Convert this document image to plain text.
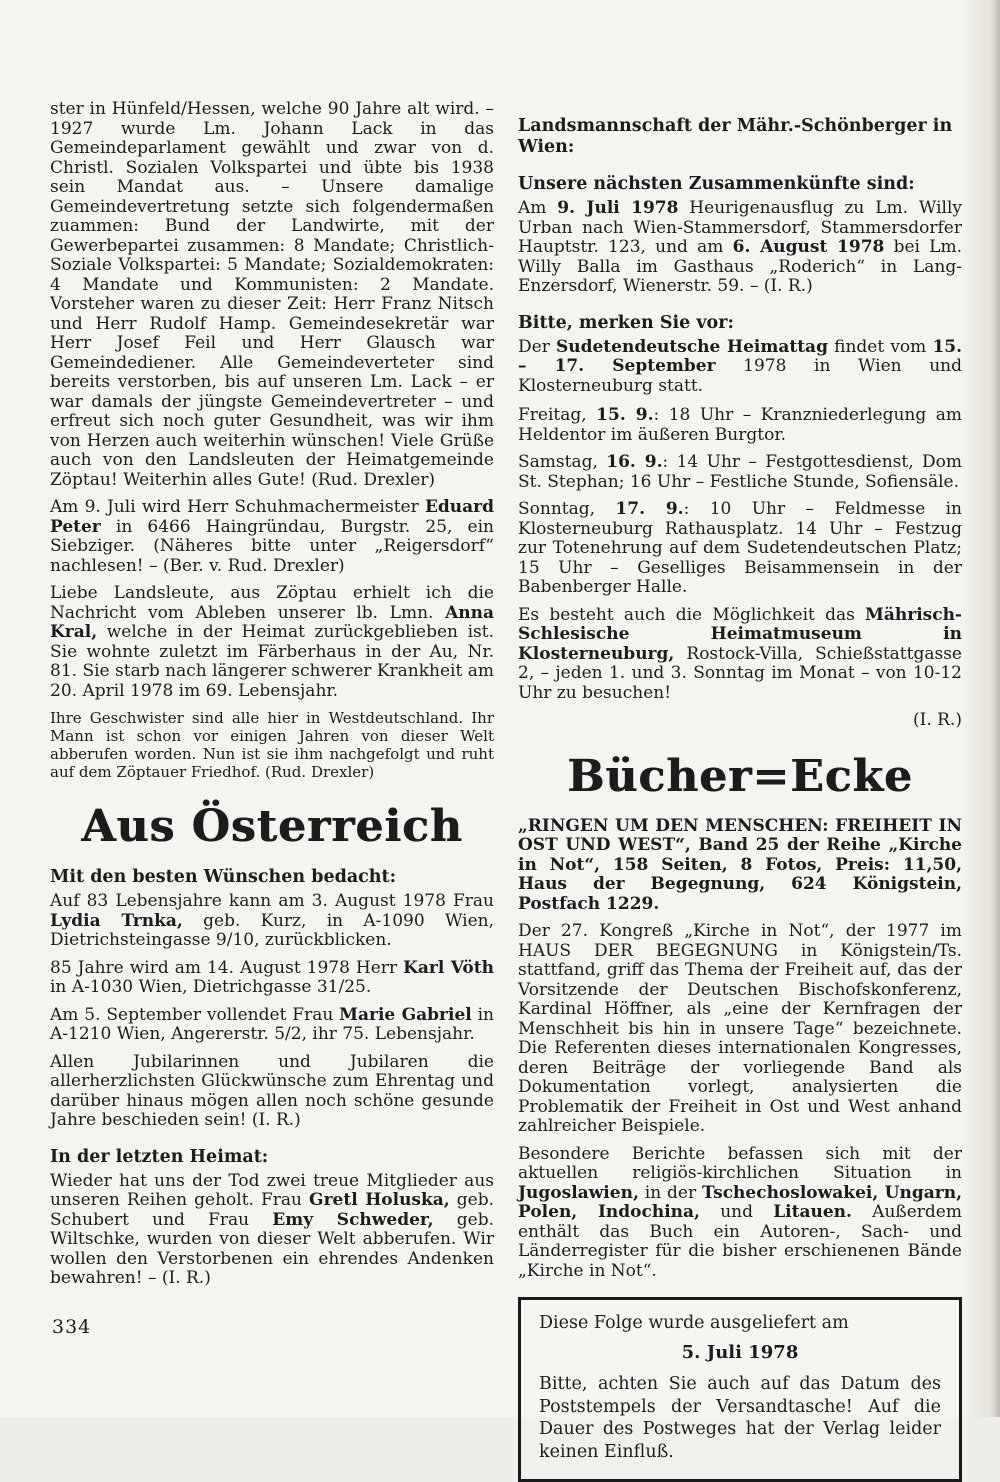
ster in Hünfeld/Hessen, welche 90 Jahre alt wird. – 1927 wurde Lm. Johann Lack in das Gemeindeparlament gewählt und zwar von d. Christl. Sozialen Volkspartei und übte bis 1938 sein Mandat aus. – Unsere damalige Gemeindevertretung setzte sich folgendermaßen zuammen: Bund der Landwirte, mit der Gewerbepartei zusammen: 8 Mandate; Christlich-Soziale Volkspartei: 5 Mandate; Sozialdemokraten: 4 Mandate und Kommunisten: 2 Mandate. Vorsteher waren zu dieser Zeit: Herr Franz Nitsch und Herr Rudolf Hamp. Gemeindesekretär war Herr Josef Feil und Herr Glausch war Gemeindediener. Alle Gemeindeverteter sind bereits verstorben, bis auf unseren Lm. Lack – er war damals der jüngste Gemeindevertreter – und erfreut sich noch guter Gesundheit, was wir ihm von Herzen auch weiterhin wünschen! Viele Grüße auch von den Landsleuten der Heimatgemeinde Zöptau! Weiterhin alles Gute! (Rud. Drexler)

Am 9. Juli wird Herr Schuhmachermeister Eduard Peter in 6466 Haingründau, Burgstr. 25, ein Siebziger. (Näheres bitte unter „Reigersdorf“ nachlesen! – (Ber. v. Rud. Drexler)

Liebe Landsleute, aus Zöptau erhielt ich die Nachricht vom Ableben unserer lb. Lmn. Anna Kral, welche in der Heimat zurückgeblieben ist. Sie wohnte zuletzt im Färberhaus in der Au, Nr. 81. Sie starb nach längerer schwerer Krankheit am 20. April 1978 im 69. Lebensjahr.

Ihre Geschwister sind alle hier in Westdeutschland. Ihr Mann ist schon vor einigen Jahren von dieser Welt abberufen worden. Nun ist sie ihm nachgefolgt und ruht auf dem Zöptauer Friedhof. (Rud. Drexler)

Aus Österreich

Mit den besten Wünschen bedacht:

Auf 83 Lebensjahre kann am 3. August 1978 Frau Lydia Trnka, geb. Kurz, in A-1090 Wien, Dietrichsteingasse 9/10, zurückblicken.

85 Jahre wird am 14. August 1978 Herr Karl Vöth in A-1030 Wien, Dietrichgasse 31/25.

Am 5. September vollendet Frau Marie Gabriel in A-1210 Wien, Angererstr. 5/2, ihr 75. Lebensjahr.

Allen Jubilarinnen und Jubilaren die allerherzlichsten Glückwünsche zum Ehrentag und darüber hinaus mögen allen noch schöne gesunde Jahre beschieden sein! (I. R.)

In der letzten Heimat:

Wieder hat uns der Tod zwei treue Mitglieder aus unseren Reihen geholt. Frau Gretl Holuska, geb. Schubert und Frau Emy Schweder, geb. Wiltschke, wurden von dieser Welt abberufen. Wir wollen den Verstorbenen ein ehrendes Andenken bewahren! – (I. R.)

Landsmannschaft der Mähr.-Schönberger in Wien:

Unsere nächsten Zusammenkünfte sind:

Am 9. Juli 1978 Heurigenausflug zu Lm. Willy Urban nach Wien-Stammersdorf, Stammersdorfer Hauptstr. 123, und am 6. August 1978 bei Lm. Willy Balla im Gasthaus „Roderich“ in Lang-Enzersdorf, Wienerstr. 59. – (I. R.)

Bitte, merken Sie vor:

Der Sudetendeutsche Heimattag findet vom 15. – 17. September 1978 in Wien und Klosterneuburg statt.

Freitag, 15. 9.: 18 Uhr – Kranzniederlegung am Heldentor im äußeren Burgtor.

Samstag, 16. 9.: 14 Uhr – Festgottesdienst, Dom St. Stephan; 16 Uhr – Festliche Stunde, Sofiensäle.

Sonntag, 17. 9.: 10 Uhr – Feldmesse in Klosterneuburg Rathausplatz. 14 Uhr – Festzug zur Totenehrung auf dem Sudetendeutschen Platz; 15 Uhr – Geselliges Beisammensein in der Babenberger Halle.

Es besteht auch die Möglichkeit das Mährisch-Schlesische Heimatmuseum in Klosterneuburg, Rostock-Villa, Schießstattgasse 2, – jeden 1. und 3. Sonntag im Monat – von 10-12 Uhr zu besuchen!

(I. R.)

Bücher=Ecke

„RINGEN UM DEN MENSCHEN: FREIHEIT IN OST UND WEST“, Band 25 der Reihe „Kirche in Not“, 158 Seiten, 8 Fotos, Preis: 11,50, Haus der Begegnung, 624 Königstein, Postfach 1229.

Der 27. Kongreß „Kirche in Not“, der 1977 im HAUS DER BEGEGNUNG in Königstein/Ts. stattfand, griff das Thema der Freiheit auf, das der Vorsitzende der Deutschen Bischofskonferenz, Kardinal Höffner, als „eine der Kernfragen der Menschheit bis hin in unsere Tage“ bezeichnete. Die Referenten dieses internationalen Kongresses, deren Beiträge der vorliegende Band als Dokumentation vorlegt, analysierten die Problematik der Freiheit in Ost und West anhand zahlreicher Beispiele.

Besondere Berichte befassen sich mit der aktuellen religiös-kirchlichen Situation in Jugoslawien, in der Tschechoslowakei, Ungarn, Polen, Indochina, und Litauen. Außerdem enthält das Buch ein Autoren-, Sach- und Länderregister für die bisher erschienenen Bände „Kirche in Not“.

Diese Folge wurde ausgeliefert am

5. Juli 1978

Bitte, achten Sie auch auf das Datum des Poststempels der Versandtasche! Auf die Dauer des Postweges hat der Verlag leider keinen Einfluß.

334
